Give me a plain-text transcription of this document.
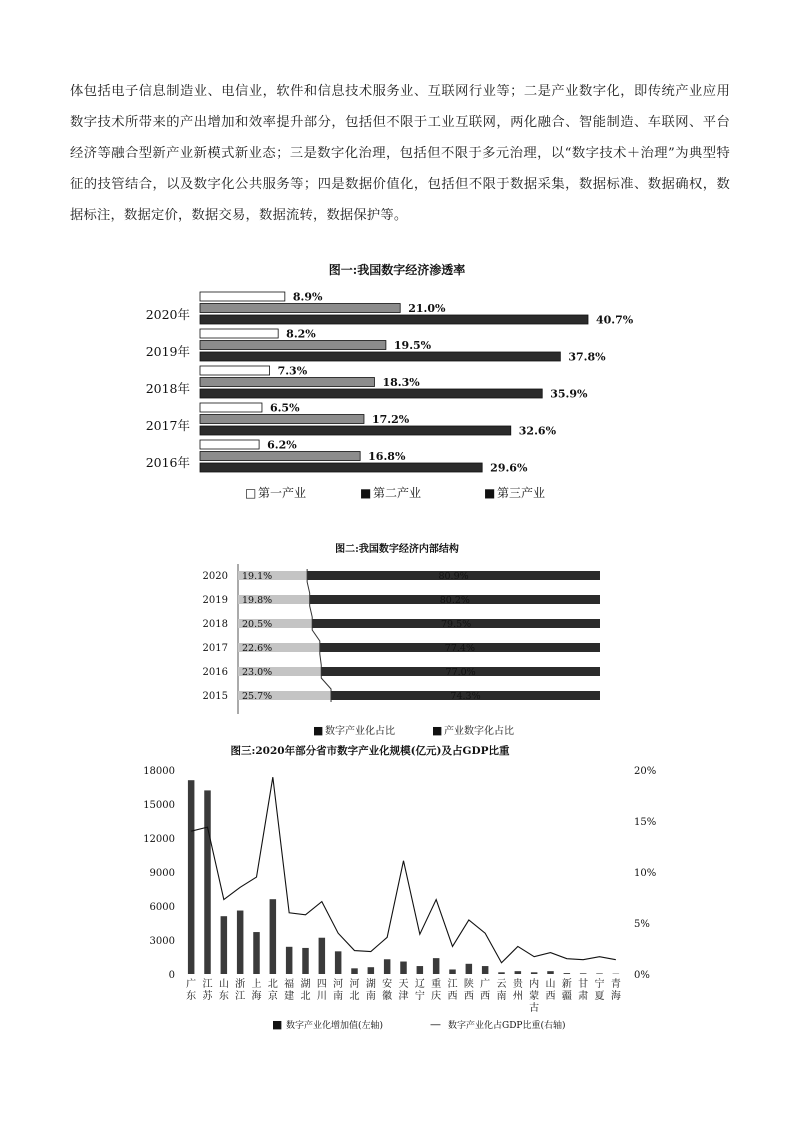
体包括电子信息制造业、电信业，软件和信息技术服务业、互联网行业等；二是产业数字化，即传统产业应用数字技术所带来的产出增加和效率提升部分，包括但不限于工业互联网，两化融合、智能制造、车联网、平台经济等融合型新产业新模式新业态；三是数字化治理，包括但不限于多元治理，以“数字技术＋治理”为典型特征的技管结合，以及数字化公共服务等；四是数据价值化，包括但不限于数据采集，数据标准、数据确权，数据标注，数据定价，数据交易，数据流转，数据保护等。

图一:我国数字经济渗透率
2020年
8.9%
21.0%
40.7%
2019年
8.2%
19.5%
37.8%
2018年
7.3%
18.3%
35.9%
2017年
6.5%
17.2%
32.6%
2016年
6.2%
16.8%
29.6%
□ 第一产业	■ 第二产业	■ 第三产业
图二:我国数字经济内部结构
2020 19.1%	80.9%
2019 19.8%	80.2%
2018 20.5%	79.5%
2017 22.6%	77.4%
2016 23.0%	77.0%
2015 25.7%	74.3%
■ 数字产业化占比	■ 产业数字化占比
图三:2020年部分省市数字产业化规模(亿元)及占GDP比重
0
3000
6000
9000
12000
15000
18000
0%
5%
10%
15%
20%
广东
江苏
山东
浙江
上海
北京
福建
湖北
四川
河南
河北
湖南
安徽
天津
辽宁
重庆
江西
陕西
广西
云南
贵州
内蒙古
山西
新疆
甘肃
宁夏
青海
■ 数字产业化增加值(左轴)	— 数字产业化占GDP比重(右轴)
